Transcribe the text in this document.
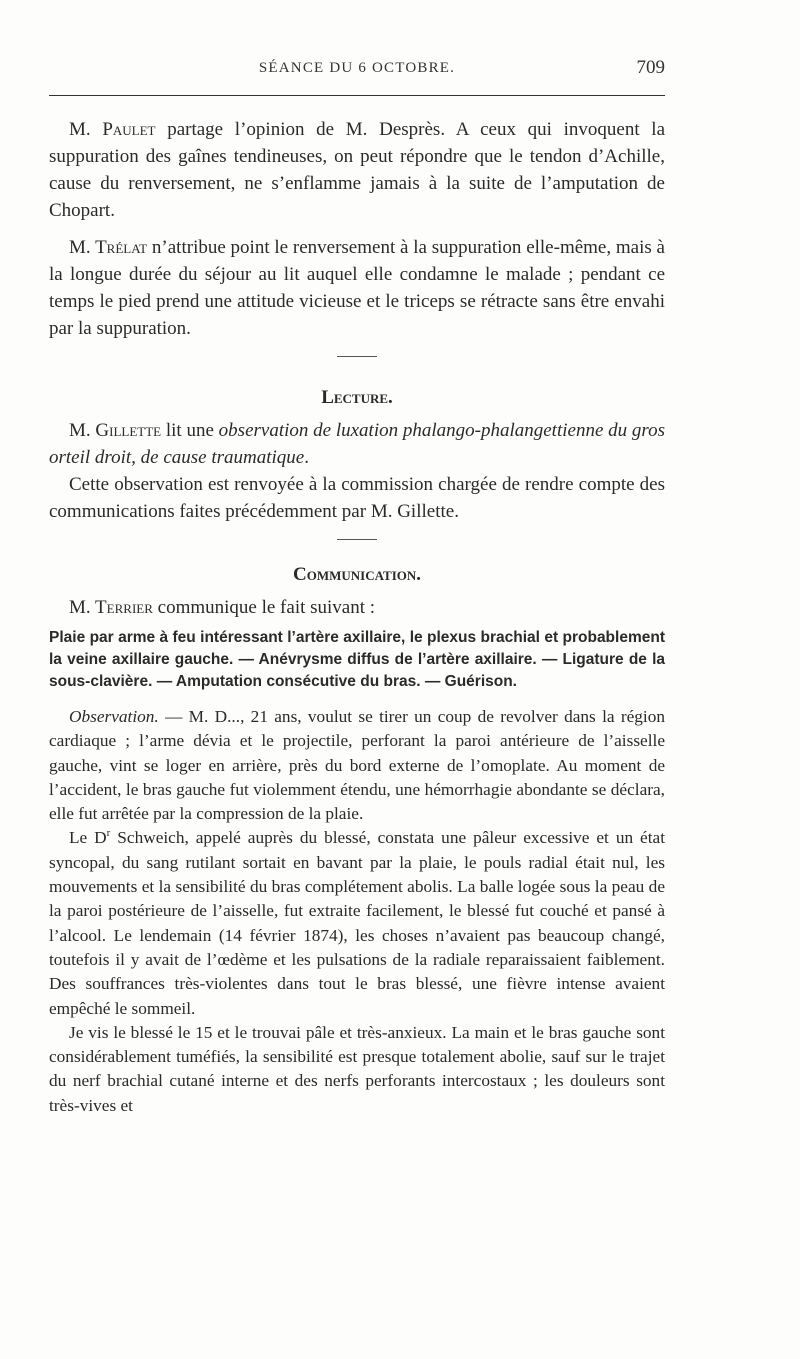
SÉANCE DU 6 OCTOBRE.	709

M. Paulet partage l’opinion de M. Desprès. A ceux qui invoquent la suppuration des gaînes tendineuses, on peut répondre que le tendon d’Achille, cause du renversement, ne s’enflamme jamais à la suite de l’amputation de Chopart.

M. Trélat n’attribue point le renversement à la suppuration elle-même, mais à la longue durée du séjour au lit auquel elle condamne le malade ; pendant ce temps le pied prend une attitude vicieuse et le triceps se rétracte sans être envahi par la suppuration.

Lecture.

M. Gillette lit une observation de luxation phalango-phalangettienne du gros orteil droit, de cause traumatique.

Cette observation est renvoyée à la commission chargée de rendre compte des communications faites précédemment par M. Gillette.

Communication.

M. Terrier communique le fait suivant :

Plaie par arme à feu intéressant l’artère axillaire, le plexus brachial et probablement la veine axillaire gauche. — Anévrysme diffus de l’artère axillaire. — Ligature de la sous-clavière. — Amputation consécutive du bras. — Guérison.

Observation. — M. D..., 21 ans, voulut se tirer un coup de revolver dans la région cardiaque ; l’arme dévia et le projectile, perforant la paroi antérieure de l’aisselle gauche, vint se loger en arrière, près du bord externe de l’omoplate. Au moment de l’accident, le bras gauche fut violemment étendu, une hémorrhagie abondante se déclara, elle fut arrêtée par la compression de la plaie.

Le $D^r$ Schweich, appelé auprès du blessé, constata une pâleur excessive et un état syncopal, du sang rutilant sortait en bavant par la plaie, le pouls radial était nul, les mouvements et la sensibilité du bras complétement abolis. La balle logée sous la peau de la paroi postérieure de l’aisselle, fut extraite facilement, le blessé fut couché et pansé à l’alcool. Le lendemain (14 février 1874), les choses n’avaient pas beaucoup changé, toutefois il y avait de l’œdème et les pulsations de la radiale reparaissaient faiblement. Des souffrances très-violentes dans tout le bras blessé, une fièvre intense avaient empêché le sommeil.

Je vis le blessé le 15 et le trouvai pâle et très-anxieux. La main et le bras gauche sont considérablement tuméfiés, la sensibilité est presque totalement abolie, sauf sur le trajet du nerf brachial cutané interne et des nerfs perforants intercostaux ; les douleurs sont très-vives et
